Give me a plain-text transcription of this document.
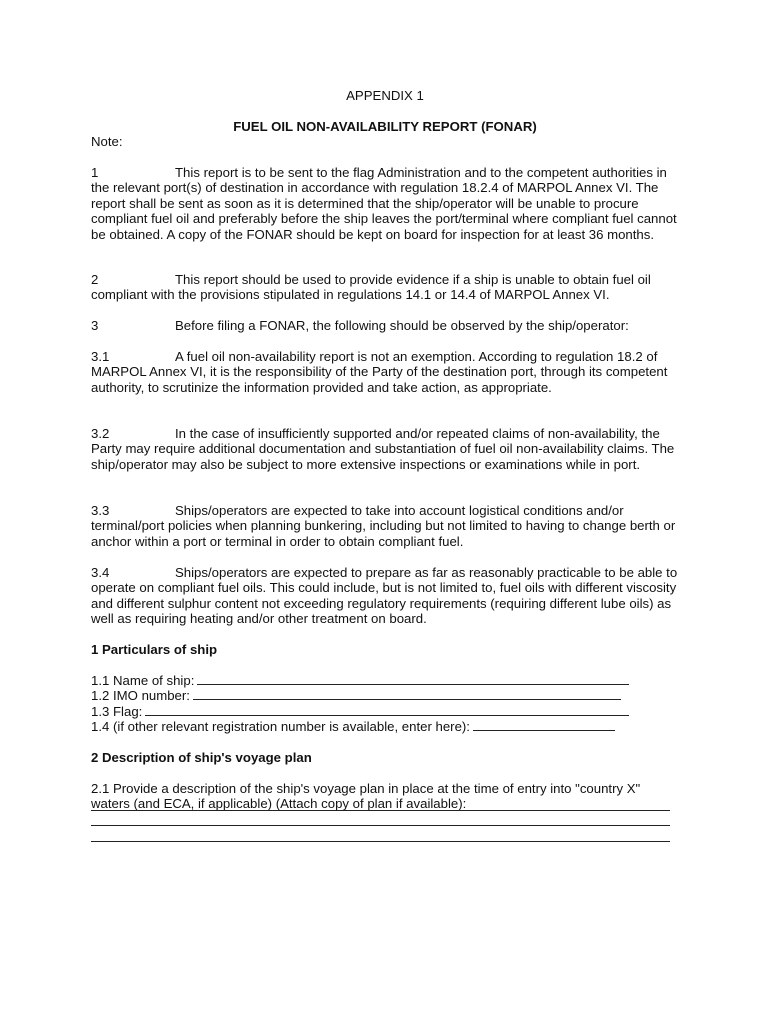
APPENDIX 1
FUEL OIL NON-AVAILABILITY REPORT (FONAR)
Note:
1	This report is to be sent to the flag Administration and to the competent authorities in the relevant port(s) of destination in accordance with regulation 18.2.4 of MARPOL Annex VI. The report shall be sent as soon as it is determined that the ship/operator will be unable to procure compliant fuel oil and preferably before the ship leaves the port/terminal where compliant fuel cannot be obtained. A copy of the FONAR should be kept on board for inspection for at least 36 months.
2	This report should be used to provide evidence if a ship is unable to obtain fuel oil compliant with the provisions stipulated in regulations 14.1 or 14.4 of MARPOL Annex VI.
3	Before filing a FONAR, the following should be observed by the ship/operator:
3.1	A fuel oil non-availability report is not an exemption. According to regulation 18.2 of MARPOL Annex VI, it is the responsibility of the Party of the destination port, through its competent authority, to scrutinize the information provided and take action, as appropriate.
3.2	In the case of insufficiently supported and/or repeated claims of non-availability, the Party may require additional documentation and substantiation of fuel oil non-availability claims. The ship/operator may also be subject to more extensive inspections or examinations while in port.
3.3	Ships/operators are expected to take into account logistical conditions and/or terminal/port policies when planning bunkering, including but not limited to having to change berth or anchor within a port or terminal in order to obtain compliant fuel.
3.4	Ships/operators are expected to prepare as far as reasonably practicable to be able to operate on compliant fuel oils. This could include, but is not limited to, fuel oils with different viscosity and different sulphur content not exceeding regulatory requirements (requiring different lube oils) as well as requiring heating and/or other treatment on board.
1 Particulars of ship
1.1 Name of ship:
1.2 IMO number:
1.3 Flag:
1.4 (if other relevant registration number is available, enter here):
2 Description of ship's voyage plan
2.1 Provide a description of the ship's voyage plan in place at the time of entry into "country X" waters (and ECA, if applicable) (Attach copy of plan if available):
